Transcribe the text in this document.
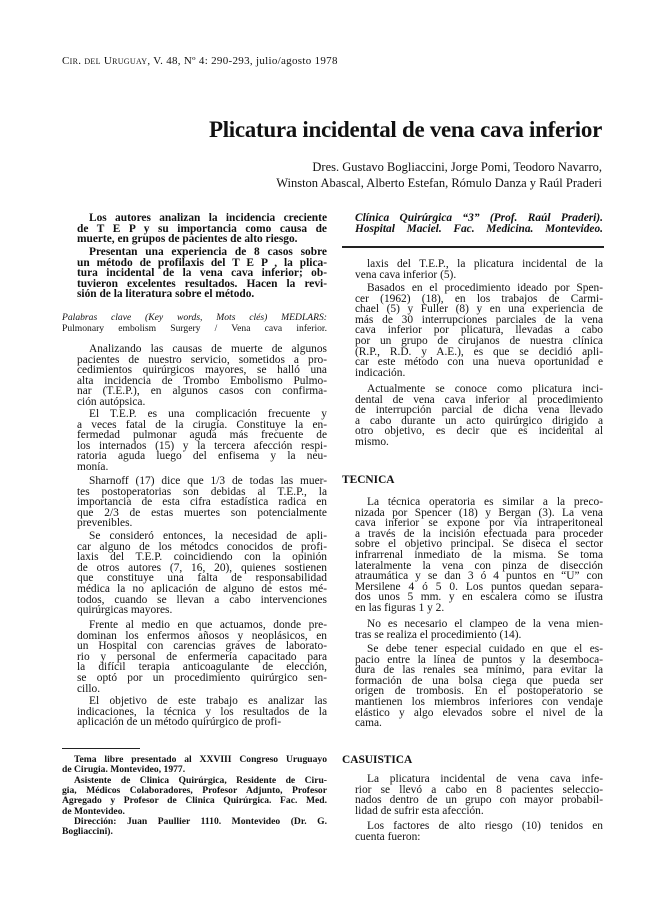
Cir. del Uruguay, V. 48, Nº 4: 290-293, julio/agosto 1978
Plicatura incidental de vena cava inferior
Dres. Gustavo Bogliaccini, Jorge Pomi, Teodoro Navarro,
Winston Abascal, Alberto Estefan, Rómulo Danza y Raúl Praderi
Los autores analizan la incidencia creciente
de T E P y su importancia como causa de
muerte, en grupos de pacientes de alto riesgo.
Presentan una experiencia de 8 casos sobre
un método de profilaxis del T E P , la plica-
tura incidental de la vena cava inferior; ob-
tuvieron excelentes resultados. Hacen la revi-
sión de la literatura sobre el método.
Palabras clave (Key words, Mots clés) MEDLARS:
Pulmonary embolism Surgery / Vena cava inferior.
Analizando las causas de muerte de algunos
pacientes de nuestro servicio, sometidos a pro-
cedimientos quirúrgicos mayores, se halló una
alta incidencia de Trombo Embolismo Pulmo-
nar (T.E.P.), en algunos casos con confirma-
ción autópsica.
El T.E.P. es una complicación frecuente y
a veces fatal de la cirugía. Constituye la en-
fermedad pulmonar aguda más frecuente de
los internados (15) y la tercera afección respi-
ratoria aguda luego del enfisema y la neu-
monía.
Sharnoff (17) dice que 1/3 de todas las muer-
tes postoperatorias son debidas al T.E.P., la
importancia de esta cifra estadística radica en
que 2/3 de estas muertes son potencialmente
prevenibles.
Se consideró entonces, la necesidad de apli-
car alguno de los métodcs conocidos de profi-
laxis del T.E.P. coincidiendo con la opinión
de otros autores (7, 16, 20), quienes sostienen
que constituye una falta de responsabilidad
médica la no aplicación de alguno de estos mé-
todos, cuando se llevan a cabo intervenciones
quirúrgicas mayores.
Frente al medio en que actuamos, donde pre-
dominan los enfermos añosos y neoplásicos, en
un Hospital con carencias graves de laborato-
rio y personal de enfermería capacitado para
la difícil terapia anticoagulante de elección,
se optó por un procedimiento quirúrgico sen-
cillo.
El objetivo de este trabajo es analizar las
indicaciones, la técnica y los resultados de la
aplicación de un método quirúrgico de profi-
Tema libre presentado al XXVIII Congreso Uruguayo
de Cirugia. Montevideo, 1977.
Asistente de Clinica Quirúrgica, Residente de Ciru-
gia, Médicos Colaboradores, Profesor Adjunto, Profesor
Agregado y Profesor de Clinica Quirúrgica. Fac. Med.
de Montevideo.
Dirección: Juan Paullier 1110. Montevideo (Dr. G.
Bogliaccini).
Clínica Quirúrgica “3” (Prof. Raúl Praderi).
Hospital Maciel. Fac. Medicina. Montevideo.
laxis del T.E.P., la plicatura incidental de la
vena cava inferior (5).
Basados en el procedimiento ideado por Spen-
cer (1962) (18), en los trabajos de Carmi-
chael (5) y Fuller (8) y en una experiencia de
más de 30 interrupciones parciales de la vena
cava inferior por plicatura, llevadas a cabo
por un grupo de cirujanos de nuestra clínica
(R.P., R.D. y A.E.), es que se decidió apli-
car este método con una nueva oportunidad e
indicación.
Actualmente se conoce como plicatura inci-
dental de vena cava inferior al procedimiento
de interrupción parcial de dicha vena llevado
a cabo durante un acto quirúrgico dirigido a
otro objetivo, es decir que es incidental al
mismo.
TECNICA
La técnica operatoria es similar a la preco-
nizada por Spencer (18) y Bergan (3). La vena
cava inferior se expone por vía intraperitoneal
a través de la incisión efectuada para proceder
sobre el objetivo principal. Se diseca el sector
infrarrenal inmediato de la misma. Se toma
lateralmente la vena con pinza de disección
atraumática y se dan 3 ó 4 puntos en “U” con
Mersilene 4 ó 5 0. Los puntos quedan separa-
dos unos 5 mm. y en escalera como se ilustra
en las figuras 1 y 2.
No es necesario el clampeo de la vena mien-
tras se realiza el procedimiento (14).
Se debe tener especial cuidado en que el es-
pacio entre la línea de puntos y la desemboca-
dura de las renales sea mínimo, para evitar la
formación de una bolsa ciega que pueda ser
origen de trombosis. En el postoperatorio se
mantienen los miembros inferiores con vendaje
elástico y algo elevados sobre el nivel de la
cama.
CASUISTICA
La plicatura incidental de vena cava infe-
rior se llevó a cabo en 8 pacientes seleccio-
nados dentro de un grupo con mayor probabil-
lidad de sufrir esta afección.
Los factores de alto riesgo (10) tenidos en
cuenta fueron:
